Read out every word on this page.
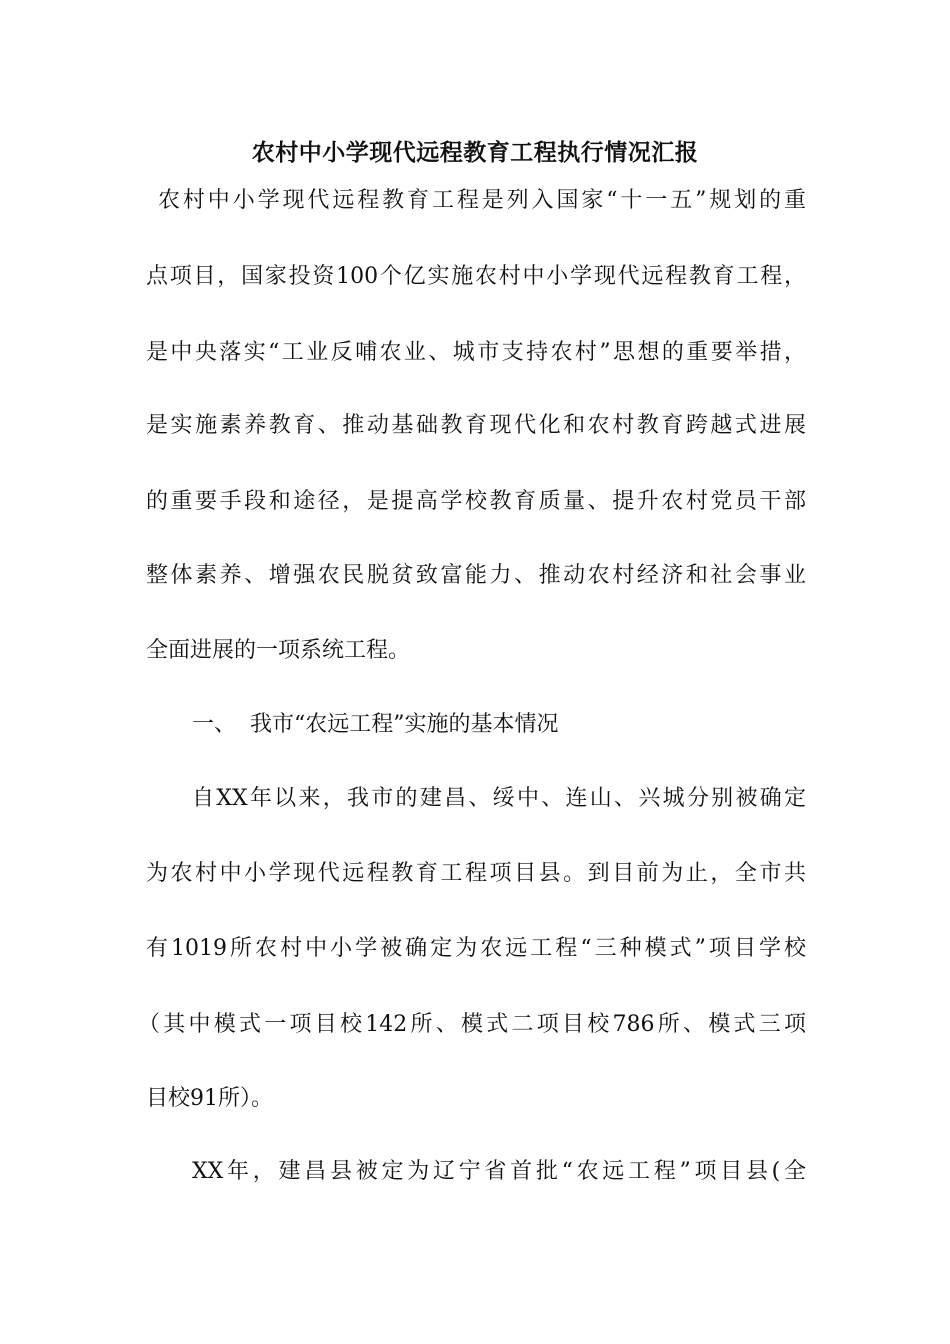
农村中小学现代远程教育工程执行情况汇报
农村中小学现代远程教育工程是列入国家“十一五”规划的重
点项目，国家投资100个亿实施农村中小学现代远程教育工程，
是中央落实“工业反哺农业、城市支持农村”思想的重要举措，
是实施素养教育、推动基础教育现代化和农村教育跨越式进展
的重要手段和途径，是提高学校教育质量、提升农村党员干部
整体素养、增强农民脱贫致富能力、推动农村经济和社会事业
全面进展的一项系统工程。
一、  我市“农远工程”实施的基本情况
自XX年以来，我市的建昌、绥中、连山、兴城分别被确定
为农村中小学现代远程教育工程项目县。到目前为止，全市共
有1019所农村中小学被确定为农远工程“三种模式”项目学校
（其中模式一项目校142所、模式二项目校786所、模式三项
目校91所）。
XX年，建昌县被定为辽宁省首批“农远工程”项目县(全
